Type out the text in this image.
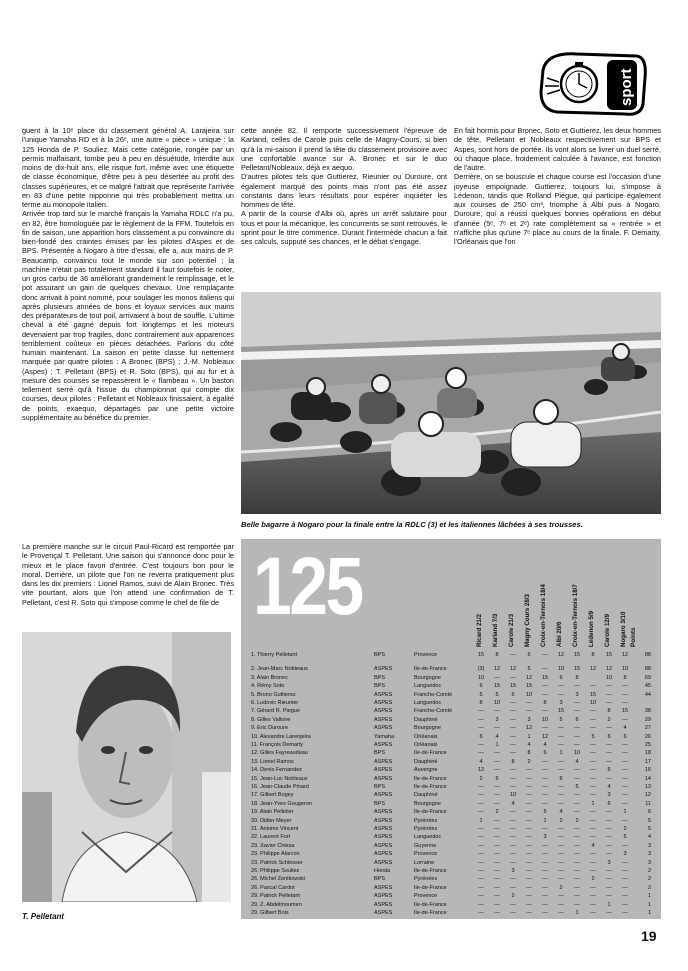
sport

guent à la 10ᵉ place du classement général A. Larajeira sur l'unique Yamaha RD et à la 26ᵉ, une autre « pièce » unique : la 125 Honda de P. Souliez. Mais cette catégorie, rongée par un permis malfaisant, tombe peu à peu en désuétude. Interdite aux moins de dix-huit ans, elle risque fort, même avec une étiquette de classe économique, d'être peu à peu désertée au profit des classes supérieures, et ce malgré l'attrait que représente l'arrivée en 83 d'une petite nipponne qui très probablement mettra un terme au monopole italien.

Arrivée trop tard sur le marché français la Yamaha RDLC n'a pu, en 82, être homologuée par le règlement de la FFM. Toutefois en fin de saison, une apparition hors classement a pu convaincre du bien-fondé des craintes émises par les pilotes d'Aspes et de BPS. Présentée à Nogaro à titre d'essai, elle a, aux mains de P. Beaucamp, convaincu tout le monde sur son potentiel ; la machine n'était pas totalement standard il faut toutefois le noter, un gros carbu de 36 améliorant grandement le remplissage, et le pot assurant un gain de quelques chevaux. Une remplaçante donc arrivait à point nommé, pour soulager les monos italiens qui après plusieurs années de bons et loyaux services aux mains des préparateurs de tout poil, arrivaient à bout de souffle. L'ultime cheval a été gagné depuis fort longtemps et les moteurs devenaient par trop fragiles, donc contrairement aux apparences terriblement coûteux en pièces détachées. Parlons du côté humain maintenant. La saison en petite classe fut nettement marquée par quatre pilotes : A Bronec (BPS) ; J.-M. Nobleaux (Aspes) ; T. Pelletant (BPS) et R. Soto (BPS), qui au fur et à mesure des courses se repassèrent le « flambeau ». Un baston tellement serré qu'à l'issue du championnat qui compte dix courses, deux pilotes : Pelletant et Nobleaux finissaient, à égalité de points, exaequo, départagés par une petite victoire supplémentaire au bénéfice du premier.

cette année 82. Il remporte successivement l'épreuve de Karland, celles de Carole puis celle de Magny-Cours, si bien qu'à la mi-saison il prend la tête du classement provisoire avec une confortable avance sur A. Bronec et sur le duo Pelletant/Nobleaux, déjà ex aequo.

D'autres pilotes tels que Guttierez, Rieunier ou Duroure, ont également marqué des points mais n'ont pas été assez constants dans leurs résultats pour espérer inquiéter les hommes de tête.

A partir de la course d'Albi où, après un arrêt salutaire pour tous et pour la mécanique, les concurrents se sont retrouvés, le sprint pour le titre commence. Durant l'intermède chacun a fait ses calculs, supputé ses chances, et le débat s'engage.

En fait hormis pour Bronec, Soto et Guttierez, les deux hommes de tête, Pelletant et Nobleaux respectivement sur BPS et Aspes, sont hors de portée. Ils vont alors se livrer un duel serré, où chaque place, froidement calculée à l'avance, est fonction de l'autre.

Derrière, on se bouscule et chaque course est l'occasion d'une joyeuse empoignade. Guttierez, toujours lui, s'impose à Lédenon, tandis que Rolland Piègue, qui participe également aux courses de 250 cm³, triomphe à Albi puis à Nogaro. Duroure, qui a réussi quelques bonnes opérations en début d'année (5ᵉ, 7ᵉ et 2ᵉ) rate complètement sa « rentrée » et n'affiche plus qu'une 7ᵉ place au cours de la finale. F. Demarty, l'Orléanais que l'on

La première manche sur le circuit Paul-Ricard est remportée par le Provençal T. Pelletant. Une saison qui s'annonce donc pour le mieux et le place favori d'entrée. C'est toujours bon pour le moral. Derrière, un pilote que l'on ne reverra pratiquement plus dans les dix premiers : Lionel Ramos, suivi de Alain Bronec. Très vite pourtant, alors que l'on attend une confirmation de T. Pelletant, c'est R. Soto qui s'impose comme le chef de file de

Belle bagarre à Nogaro pour la finale entre la RDLC (3) et les italiennes lâchées à ses trousses.
T. Pelletant
125	Ricard 21/2 Karland 7/3 Carole 21/3 Magny Cours 28/3 Croix-en-Ternois 18/4 Albi 20/6 Croix-en-Ternois 18/7 Lédenon 5/9 Carole 12/9 Nogaro 3/10 Points
1. Thierry Pelletant	BPS	Provence	15	8	—	6	—	12	15	8	15	12	88
2. Jean-Marc Nobleaux	ASPES	Ile-de-France	(3)	12	12	5	—	10	15	12	12	10	88
3. Alain Bronec	BPS	Bourgogne	10	—	—	12	15	6	8	10	8	69
4. Rémy Soto	BPS	Languedoc	6	15	15	15	—	—	—	—	—	—	45
5. Bruno Guttierez	ASPES	Franche-Comté	5	5	6	10	—	—	3	15	—	—	44
6. Ludovic Rieunier	ASPES	Languedoc	8	10	—	—	8	3	—	10	—	—
7. Gérard R. Piegue	ASPES	Franche-Comté	—	—	—	—	—	15	—	—	8	15	38
8. Gilles Valloire	ASPES	Dauphiné	—	3	—	3	10	5	6	—	2	—	29
9. Eric Duroure	ASPES	Bourgogne	—	—	—	12	—	—	—	—	—	4	27
10. Alexandre Larenjeira	Yamaha	Orléanais	6	4	—	1	12	—	—	5	6	6	26
11. François Demarty	ASPES	Orléanais	—	1	—	4	4	—	—	—	—	—	25
12. Gilles Fayreaudeau	BPS	Ile-de-France	—	—	—	8	6	1	10	—	—	—	18
13. Lionel Ramos	ASPES	Dauphiné	4	—	8	2	—	—	4	—	—	—	17
14. Denis Fernandez	ASPES	Auvergne	12	—	—	—	—	—	—	—	5	—	16
15. Jean-Luc Nobleaux	ASPES	Ile-de-France	2	6	—	—	—	8	—	—	—	—	14
16. Jean-Claude Pinard	BPS	Ile-de-France	—	—	—	—	—	—	5	—	4	—	13
17. Gilbert Bogey	ASPES	Dauphiné	—	—	10	—	—	—	—	—	3	—	12
18. Jean-Yves Gougeron	BPS	Bourgogne	—	—	4	—	—	—	—	1	6	—	11
19. Alain Pelletier	ASPES	Ile-de-France	—	2	—	—	5	4	—	—	—	1	6
20. Didier Meyer	ASPES	Pyrénées	1	—	—	—	1	2	2	—	—	—	5
21. Antoine Vincent	ASPES	Pyrénées	—	—	—	—	—	—	—	—	—	2	5
22. Laurent Fort	ASPES	Languedoc	—	—	—	—	3	—	—	—	—	5	4
23. Xavier Chiesa	ASPES	Guyenne	—	—	—	—	—	—	—	4	—	—	3
23. Philippe Alarcon	ASPES	Provence	—	—	—	—	—	—	—	—	—	3	3
23. Patrick Schlesser	ASPES	Lorraine	—	—	—	—	—	—	—	—	3	—	3
26. Philippe Souliez	Honda	Ile-de-France	—	—	3	—	—	—	—	—	—	—	2
26. Michel Zentkowski	BPS	Pyrénées	—	—	—	—	—	—	—	2	—	—	2
26. Pascal Cardot	ASPES	Ile-de-France	—	—	—	—	—	2	—	—	—	—	2
29. Patrick Pelletant	ASPES	Provence	—	—	2	—	—	—	—	—	—	—	1
29. Z. Abdelmoumen	ASPES	Ile-de-France	—	—	—	—	—	—	—	—	1	—	1
29. Gilbert Bois	ASPES	Ile-de-France	—	—	—	—	—	—	1	—	—	—	1
19
